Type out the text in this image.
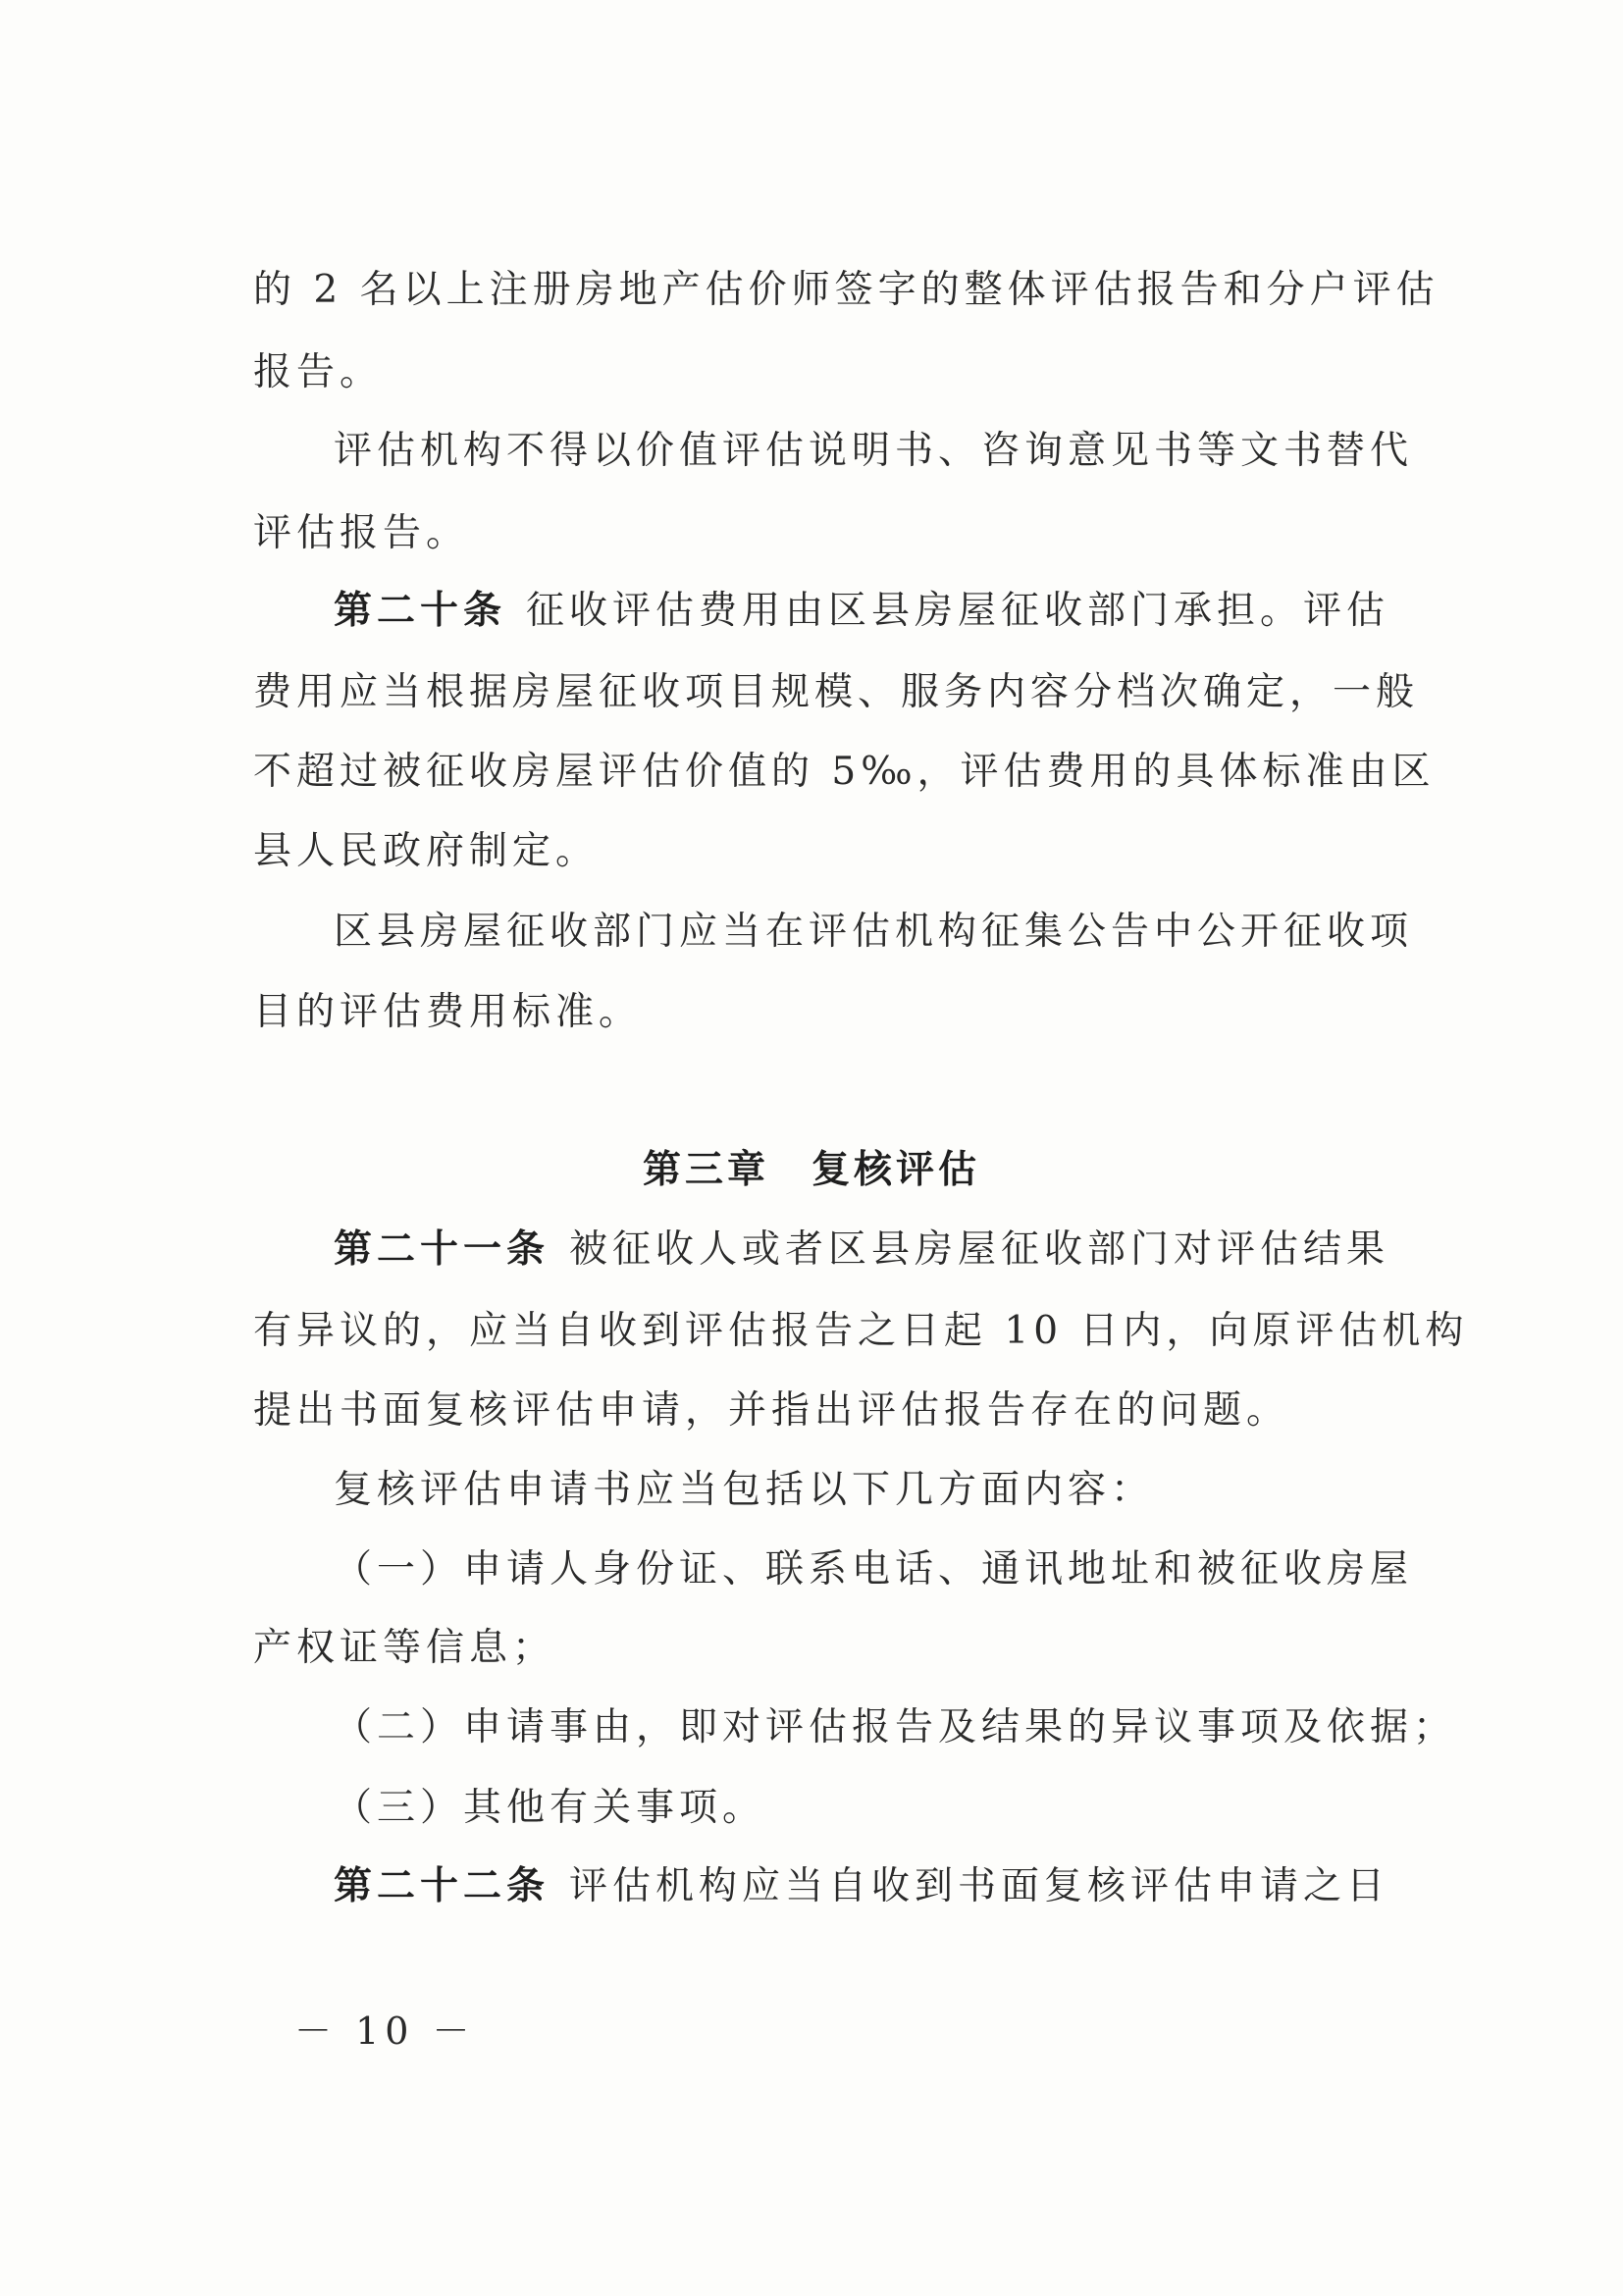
的 2 名以上注册房地产估价师签字的整体评估报告和分户评估
报告。
评估机构不得以价值评估说明书、咨询意见书等文书替代
评估报告。
第二十条 征收评估费用由区县房屋征收部门承担。评估
费用应当根据房屋征收项目规模、服务内容分档次确定，一般
不超过被征收房屋评估价值的 5‰，评估费用的具体标准由区
县人民政府制定。
区县房屋征收部门应当在评估机构征集公告中公开征收项
目的评估费用标准。
第三章　复核评估
第二十一条 被征收人或者区县房屋征收部门对评估结果
有异议的，应当自收到评估报告之日起 10 日内，向原评估机构
提出书面复核评估申请，并指出评估报告存在的问题。
复核评估申请书应当包括以下几方面内容：
（一）申请人身份证、联系电话、通讯地址和被征收房屋
产权证等信息；
（二）申请事由，即对评估报告及结果的异议事项及依据；
（三）其他有关事项。
第二十二条 评估机构应当自收到书面复核评估申请之日
－ 10 －
